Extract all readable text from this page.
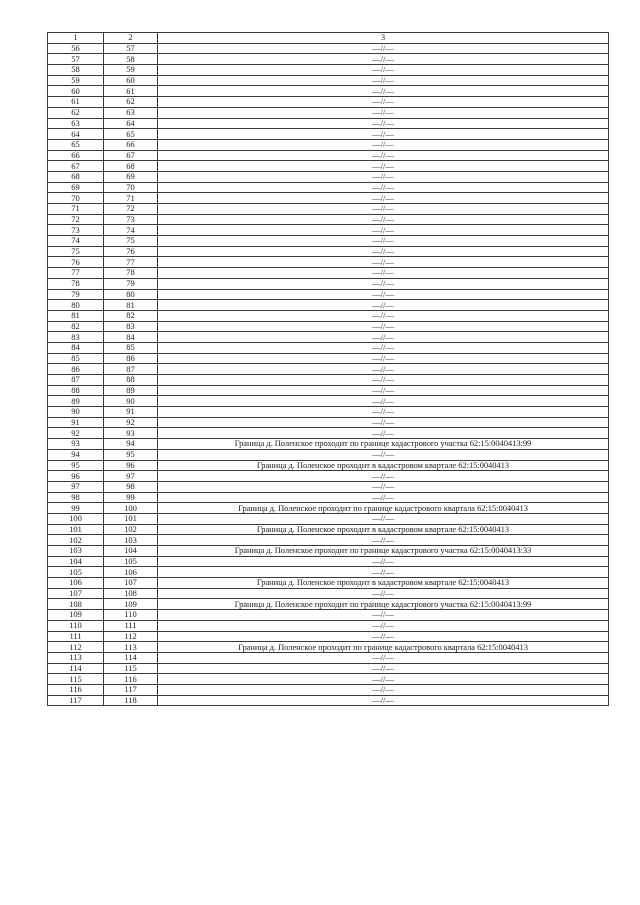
1	2	3
56	57	—//—
57	58	—//—
58	59	—//—
59	60	—//—
60	61	—//—
61	62	—//—
62	63	—//—
63	64	—//—
64	65	—//—
65	66	—//—
66	67	—//—
67	68	—//—
68	69	—//—
69	70	—//—
70	71	—//—
71	72	—//—
72	73	—//—
73	74	—//—
74	75	—//—
75	76	—//—
76	77	—//—
77	78	—//—
78	79	—//—
79	80	—//—
80	81	—//—
81	82	—//—
82	83	—//—
83	84	—//—
84	85	—//—
85	86	—//—
86	87	—//—
87	88	—//—
88	89	—//—
89	90	—//—
90	91	—//—
91	92	—//—
92	93	—//—
93	94	Граница д. Поленское проходит по границе кадастрового участка 62:15:0040413:99
94	95	—//—
95	96	Граница д. Поленское проходит в кадастровом квартале 62:15:0040413
96	97	—//—
97	98	—//—
98	99	—//—
99	100	Граница д. Поленское проходит по границе кадастрового квартала 62:15:0040413
100	101	—//—
101	102	Граница д. Поленское проходит в кадастровом квартале 62:15:0040413
102	103	—//—
103	104	Граница д. Поленское проходит по границе кадастрового участка 62:15:0040413:33
104	105	—//—
105	106	—//—
106	107	Граница д. Поленское проходит в кадастровом квартале 62:15:0040413
107	108	—//—
108	109	Граница д. Поленское проходит по границе кадастрового участка 62:15:0040413:99
109	110	—//—
110	111	—//—
111	112	—//—
112	113	Граница д. Поленское проходит по границе кадастрового квартала 62:15:0040413
113	114	—//—
114	115	—//—
115	116	—//—
116	117	—//—
117	118	—//—
